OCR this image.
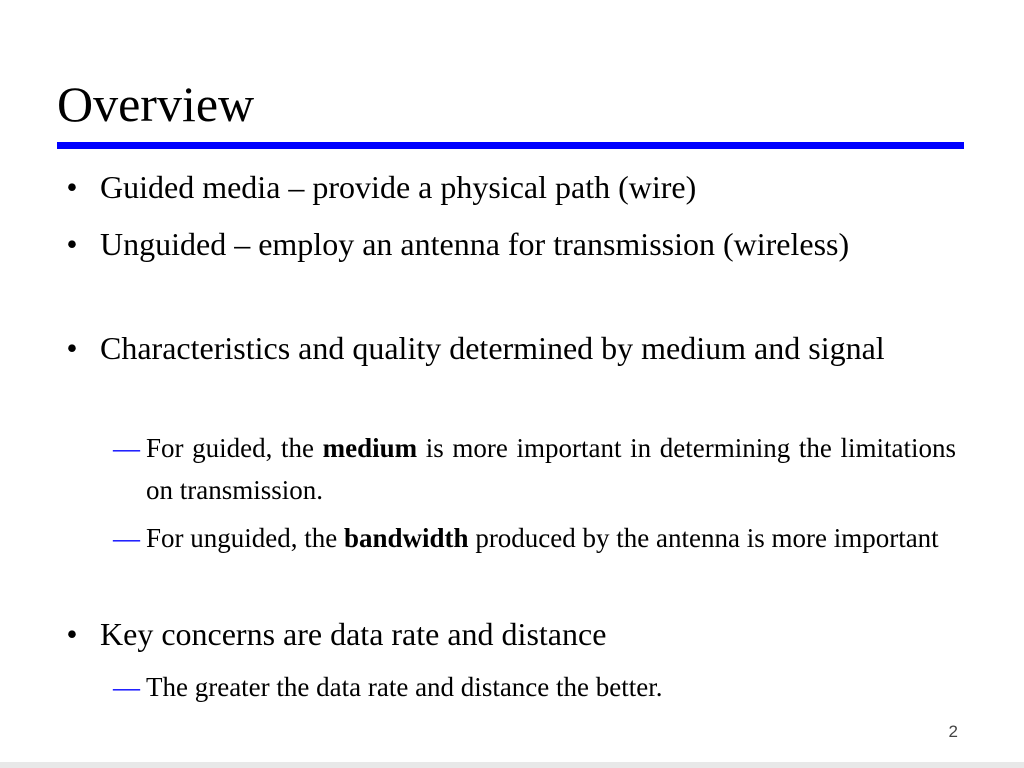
Overview
• Guided media – provide a physical path (wire)
• Unguided – employ an antenna for transmission (wireless)
• Characteristics and quality determined by medium and signal
— For guided, the medium is more important in determining the limitations on transmission.
— For unguided, the bandwidth produced by the antenna is more important
• Key concerns are data rate and distance
— The greater the data rate and distance the better.
2
